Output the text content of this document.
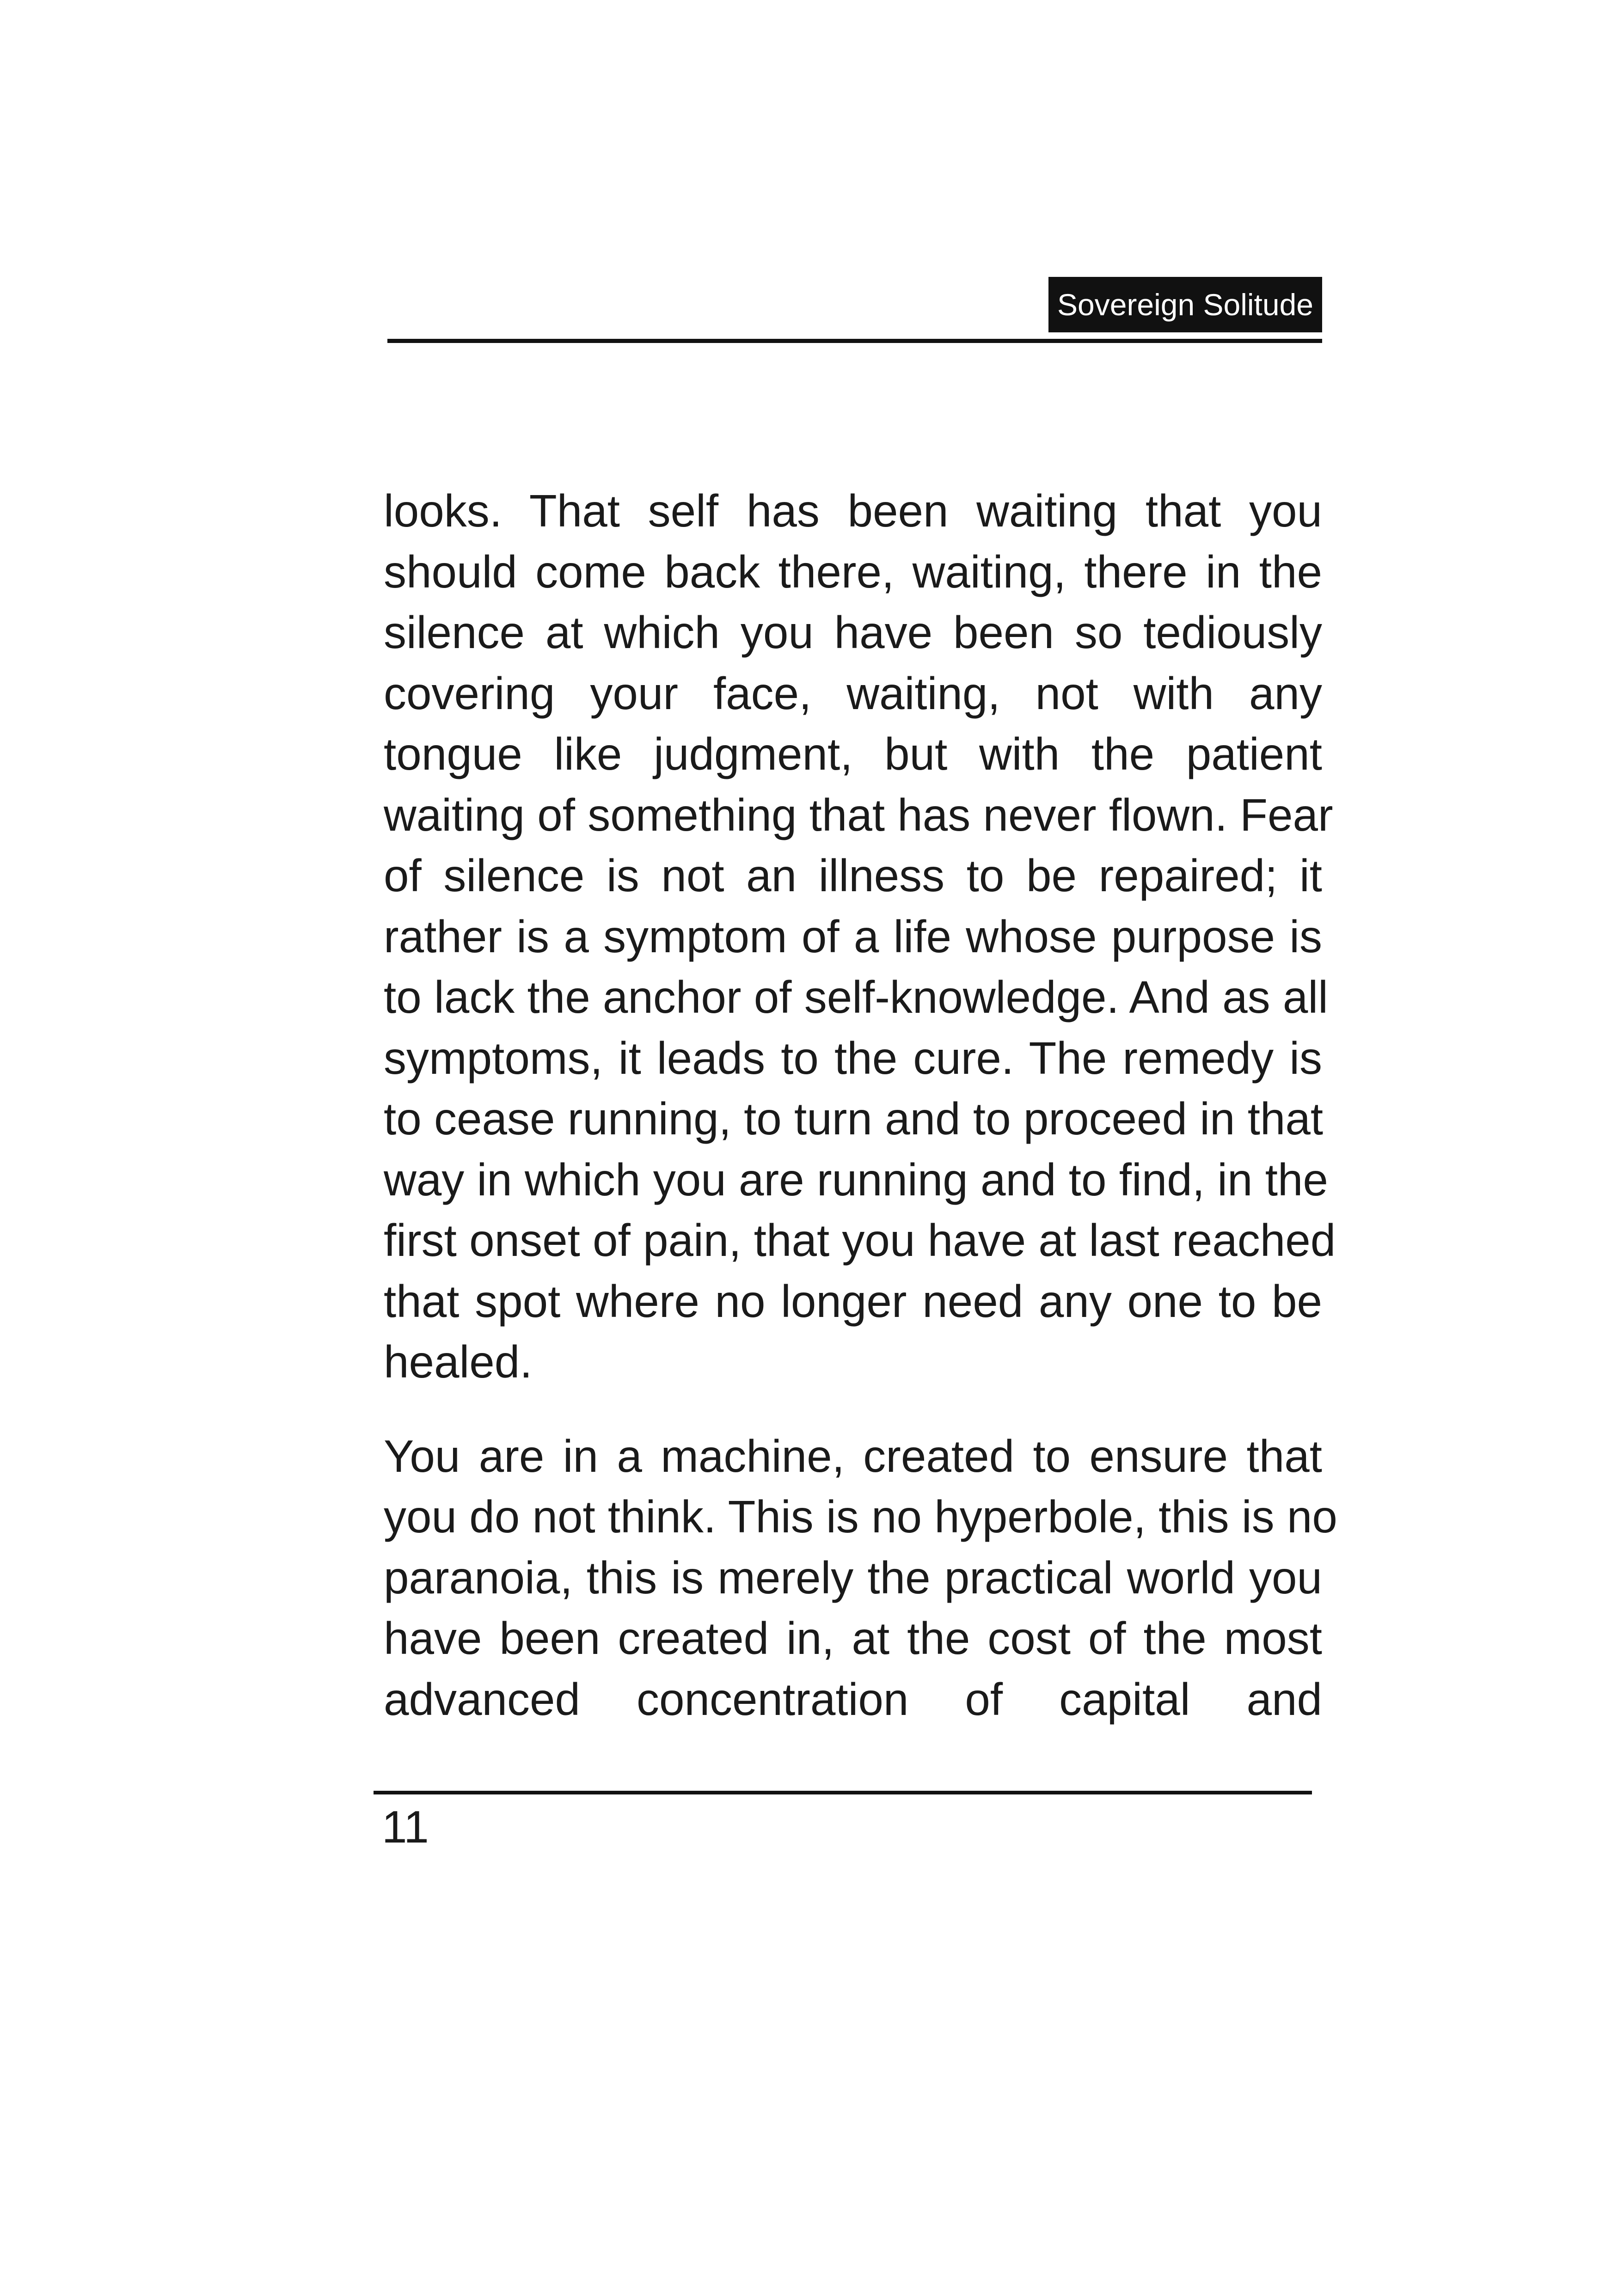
Sovereign Solitude

looks. That self has been waiting that you
should come back there, waiting, there in the
silence at which you have been so tediously
covering your face, waiting, not with any
tongue like judgment, but with the patient
waiting of something that has never flown. Fear
of silence is not an illness to be repaired; it
rather is a symptom of a life whose purpose is
to lack the anchor of self-knowledge. And as all
symptoms, it leads to the cure. The remedy is
to cease running, to turn and to proceed in that
way in which you are running and to find, in the
first onset of pain, that you have at last reached
that spot where no longer need any one to be
healed.

You are in a machine, created to ensure that
you do not think. This is no hyperbole, this is no
paranoia, this is merely the practical world you
have been created in, at the cost of the most
advanced concentration of capital and

11
